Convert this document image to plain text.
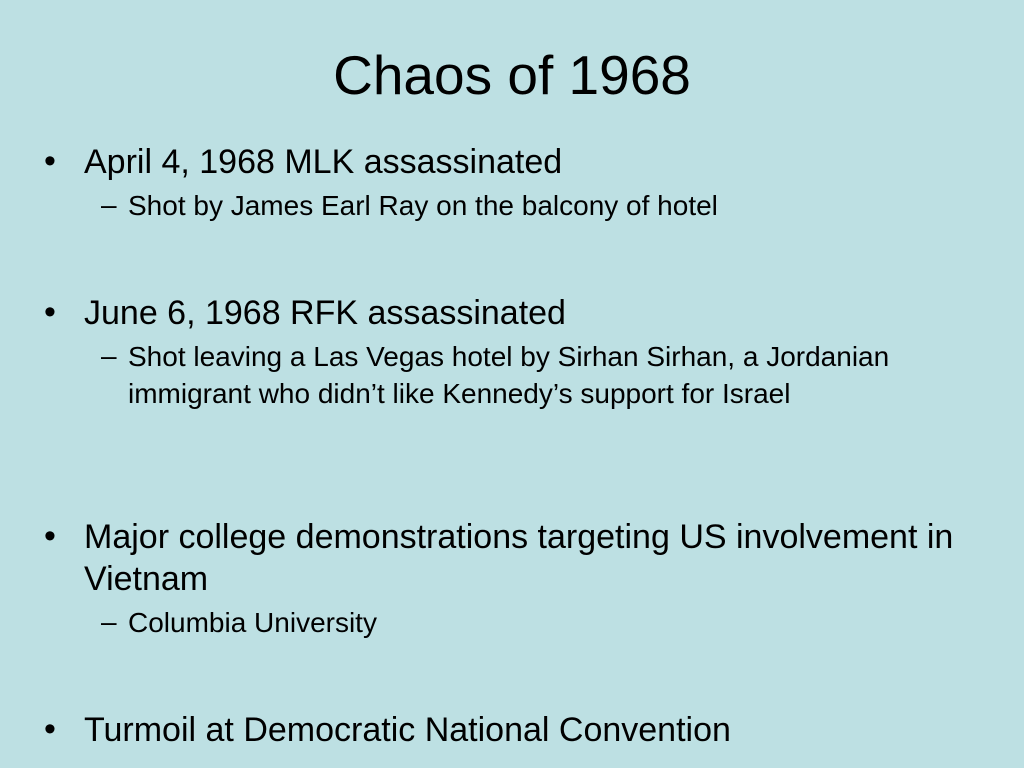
Chaos of 1968
• April 4, 1968 MLK assassinated
– Shot by James Earl Ray on the balcony of hotel
• June 6, 1968 RFK assassinated
– Shot leaving a Las Vegas hotel by Sirhan Sirhan, a Jordanian immigrant who didn’t like Kennedy’s support for Israel
• Major college demonstrations targeting US involvement in Vietnam
– Columbia University
• Turmoil at Democratic National Convention
